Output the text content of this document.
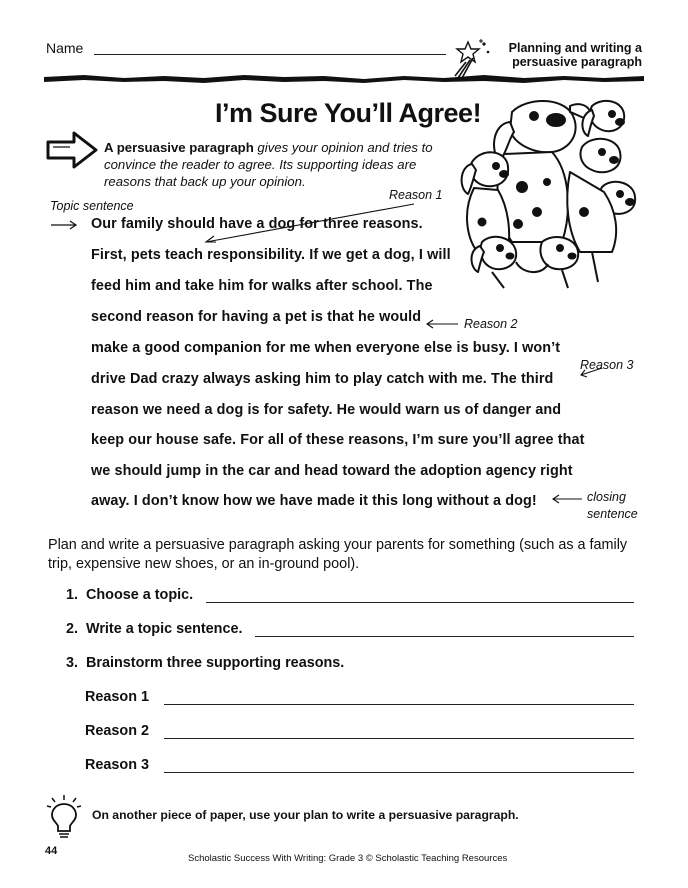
Name	Planning and writing a
persuasive paragraph
I’m Sure You’ll Agree!
A persuasive paragraph gives your opinion and tries to convince the reader to agree. Its supporting ideas are reasons that back up your opinion.
Topic sentence
Reason 1
Our family should have a dog for three reasons.
First, pets teach responsibility. If we get a dog, I will
feed him and take him for walks after school. The
second reason for having a pet is that he would
make a good companion for me when everyone else is busy. I won’t
drive Dad crazy always asking him to play catch with me. The third
reason we need a dog is for safety. He would warn us of danger and
keep our house safe. For all of these reasons, I’m sure you’ll agree that
we should jump in the car and head toward the adoption agency right
away. I don’t know how we have made it this long without a dog!
Reason 2
Reason 3
closing
sentence
Plan and write a persuasive paragraph asking your parents for something (such as a family trip, expensive new shoes, or an in-ground pool).
1. Choose a topic.
2. Write a topic sentence.
3. Brainstorm three supporting reasons.
Reason 1
Reason 2
Reason 3
On another piece of paper, use your plan to write a persuasive paragraph.
44
Scholastic Success With Writing: Grade 3 © Scholastic Teaching Resources
